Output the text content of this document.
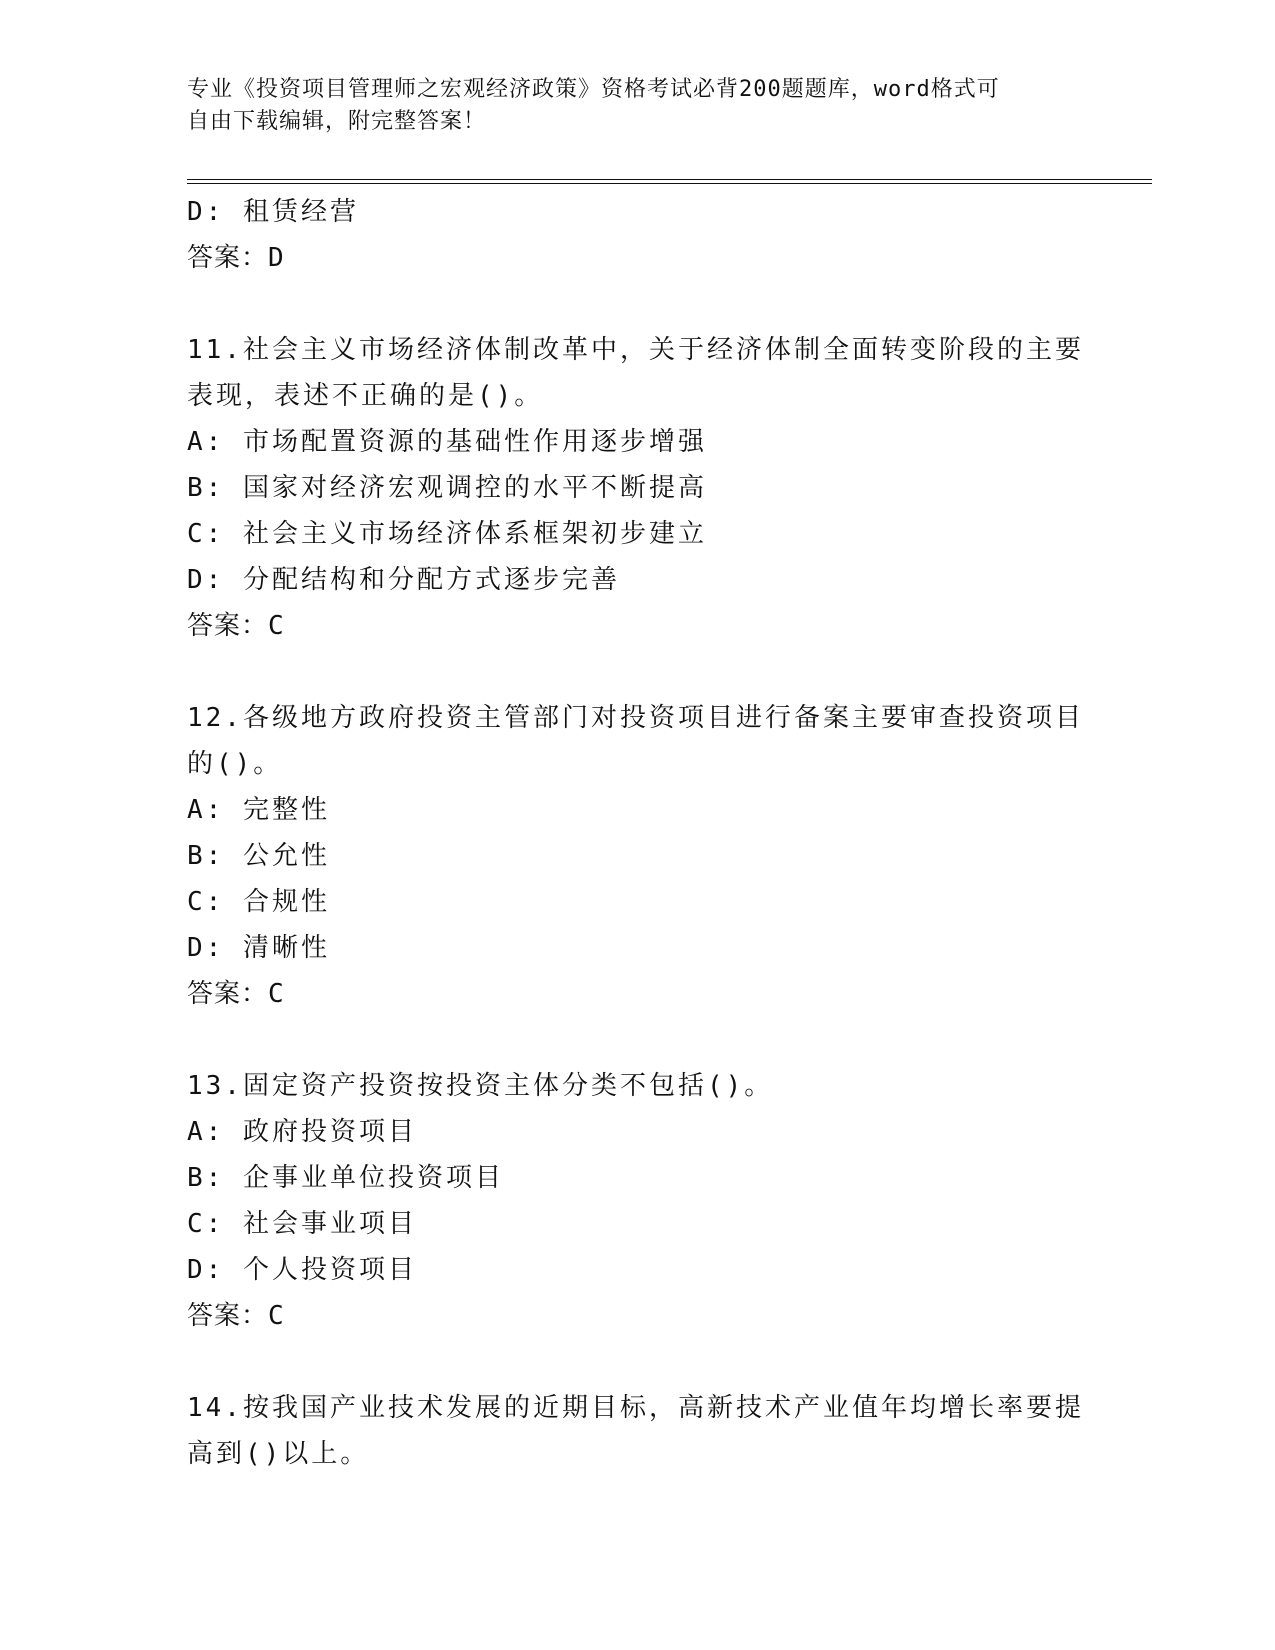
专业《投资项目管理师之宏观经济政策》资格考试必背200题题库，word格式可
自由下载编辑，附完整答案！
D: 租赁经营
答案：D
11.社会主义市场经济体制改革中，关于经济体制全面转变阶段的主要
表现，表述不正确的是()。
A: 市场配置资源的基础性作用逐步增强
B: 国家对经济宏观调控的水平不断提高
C: 社会主义市场经济体系框架初步建立
D: 分配结构和分配方式逐步完善
答案：C
12.各级地方政府投资主管部门对投资项目进行备案主要审查投资项目
的()。
A: 完整性
B: 公允性
C: 合规性
D: 清晰性
答案：C
13.固定资产投资按投资主体分类不包括()。
A: 政府投资项目
B: 企事业单位投资项目
C: 社会事业项目
D: 个人投资项目
答案：C
14.按我国产业技术发展的近期目标，高新技术产业值年均增长率要提
高到()以上。
